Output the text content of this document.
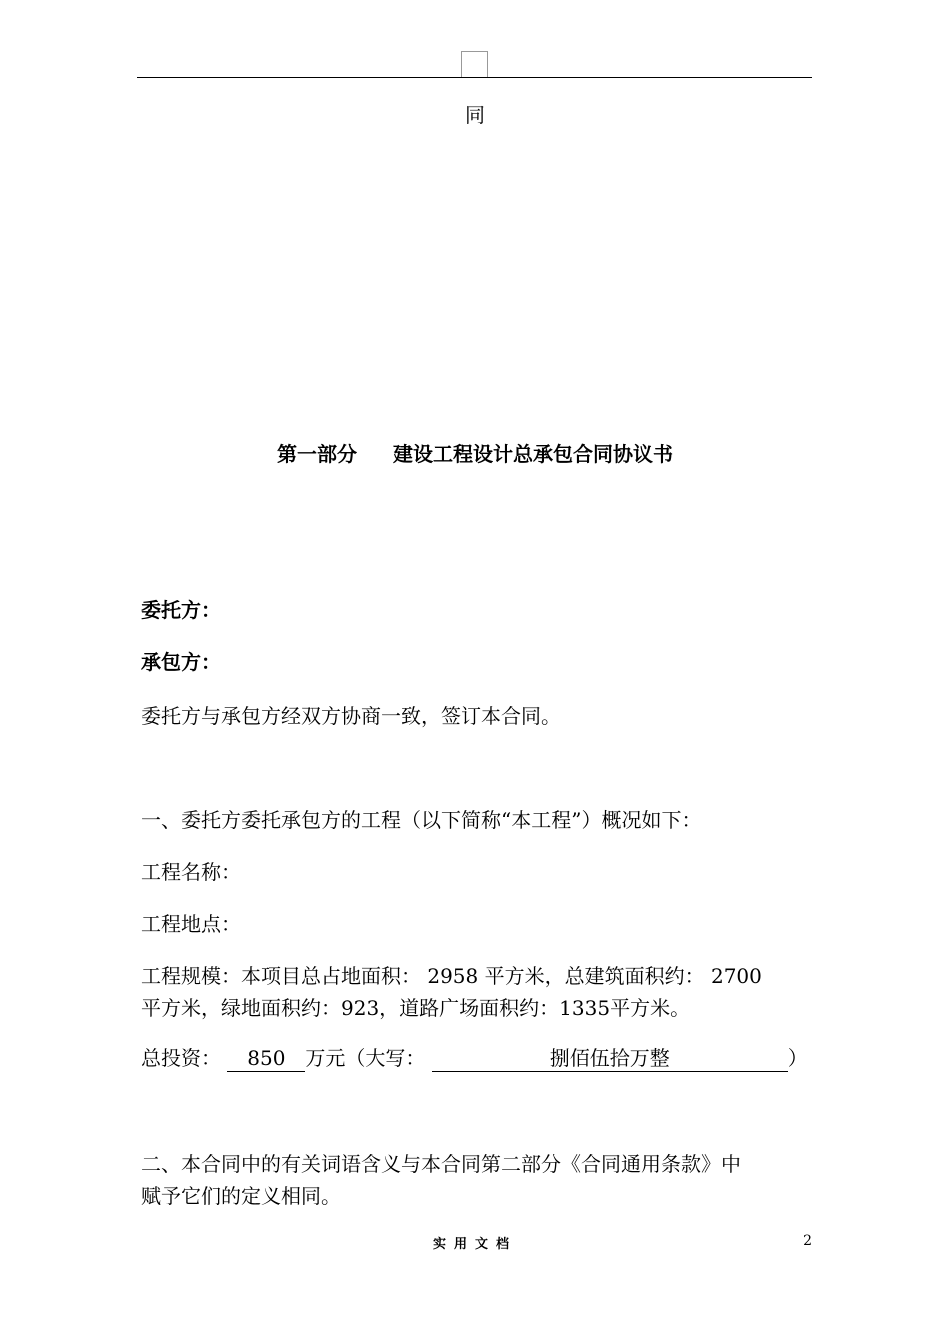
同
第一部分 建设工程设计总承包合同协议书
委托方：
承包方：
委托方与承包方经双方协商一致，签订本合同。
一、委托方委托承包方的工程（以下简称“本工程”）概况如下：
工程名称：
工程地点：
工程规模：本项目总占地面积： 2958 平方米，总建筑面积约： 2700
平方米，绿地面积约：923，道路广场面积约：1335平方米。
总投资： 850 万元（大写：	捌佰伍拾万整	）
二、本合同中的有关词语含义与本合同第二部分《合同通用条款》中
赋予它们的定义相同。
实用文档	2
